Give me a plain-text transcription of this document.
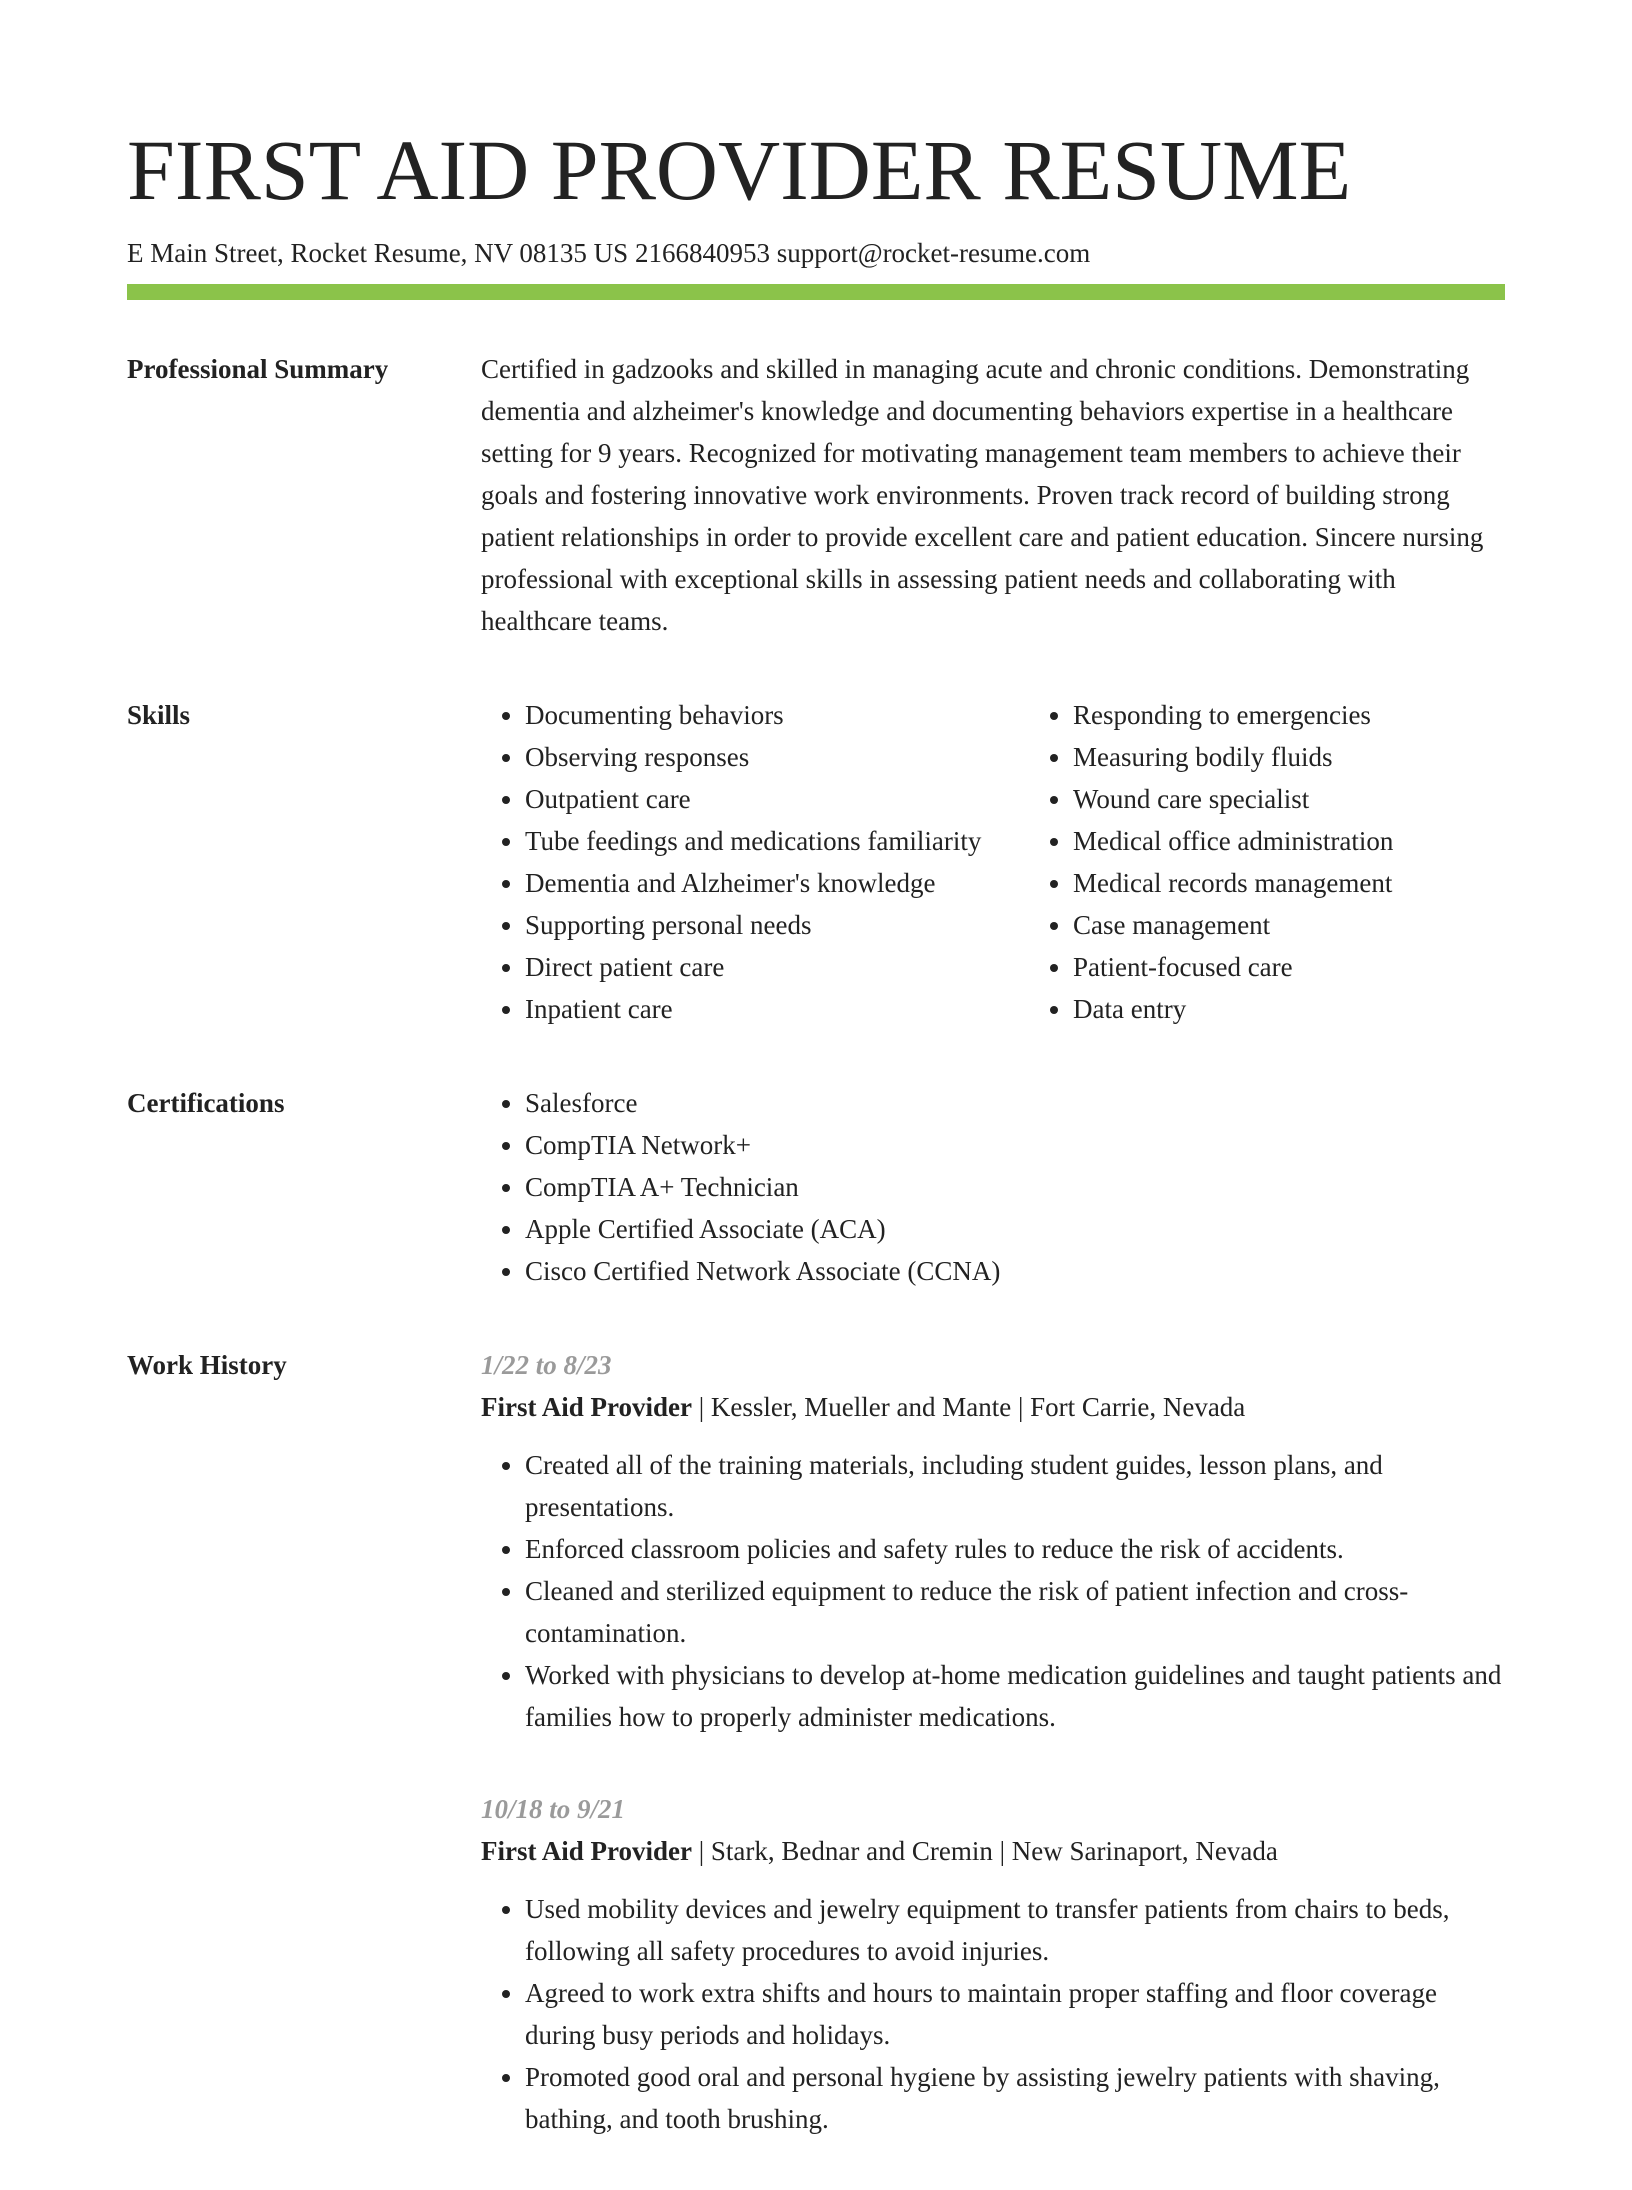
FIRST AID PROVIDER RESUME
E Main Street, Rocket Resume, NV 08135 US 2166840953 support@rocket-resume.com
Professional Summary	Certified in gadzooks and skilled in managing acute and chronic conditions. Demonstrating dementia and alzheimer's knowledge and documenting behaviors expertise in a healthcare setting for 9 years. Recognized for motivating management team members to achieve their goals and fostering innovative work environments. Proven track record of building strong patient relationships in order to provide excellent care and patient education. Sincere nursing professional with exceptional skills in assessing patient needs and collaborating with healthcare teams.

Skills	• Documenting behaviors
• Observing responses
• Outpatient care
• Tube feedings and medications familiarity
• Dementia and Alzheimer's knowledge
• Supporting personal needs
• Direct patient care
• Inpatient care
• Responding to emergencies
• Measuring bodily fluids
• Wound care specialist
• Medical office administration
• Medical records management
• Case management
• Patient-focused care
• Data entry
Certifications	• Salesforce
• CompTIA Network+
• CompTIA A+ Technician
• Apple Certified Associate (ACA)
• Cisco Certified Network Associate (CCNA)
Work History	1/22 to 8/23
First Aid Provider | Kessler, Mueller and Mante | Fort Carrie, Nevada
• Created all of the training materials, including student guides, lesson plans, and presentations.
• Enforced classroom policies and safety rules to reduce the risk of accidents.
• Cleaned and sterilized equipment to reduce the risk of patient infection and cross-contamination.
• Worked with physicians to develop at-home medication guidelines and taught patients and families how to properly administer medications.
10/18 to 9/21
First Aid Provider | Stark, Bednar and Cremin | New Sarinaport, Nevada
• Used mobility devices and jewelry equipment to transfer patients from chairs to beds, following all safety procedures to avoid injuries.
• Agreed to work extra shifts and hours to maintain proper staffing and floor coverage during busy periods and holidays.
• Promoted good oral and personal hygiene by assisting jewelry patients with shaving, bathing, and tooth brushing.
